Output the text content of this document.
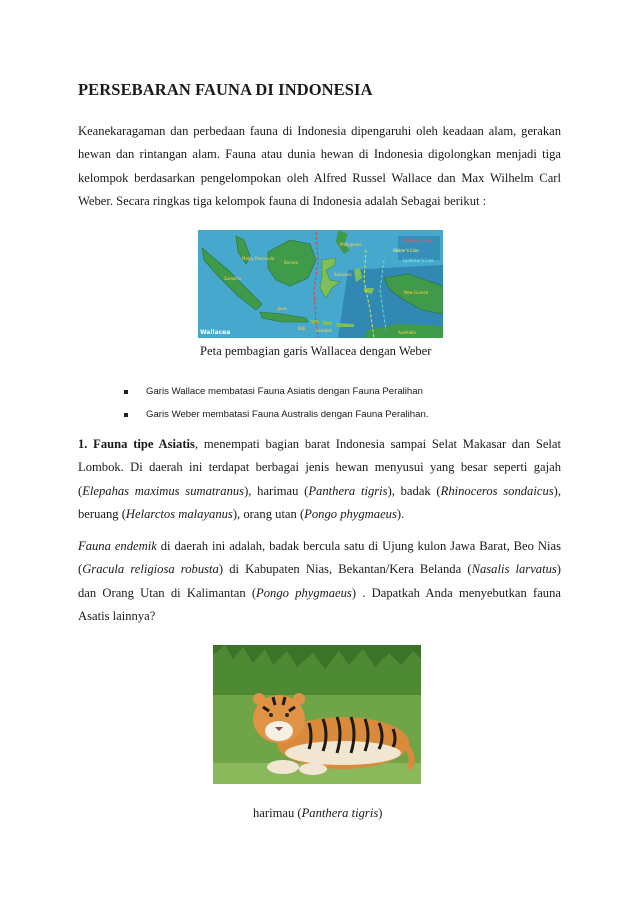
PERSEBARAN FAUNA DI INDONESIA
Keanekaragaman dan perbedaan fauna di Indonesia dipengaruhi oleh keadaan alam, gerakan
hewan dan rintangan alam. Fauna atau dunia hewan di Indonesia digolongkan menjadi tiga
kelompok berdasarkan pengelompokan oleh Alfred Russel Wallace dan Max Wilhelm Carl
Weber. Secara ringkas tiga kelompok fauna di Indonesia adalah Sebagai berikut :
Wallace's Line
Weber's Line
Lydekker's Line
Sumatra
Malay Peninsula
Borneo
Java
Bali	Lombok
Sulawesi
Philippines
New Guinea
Australia
Wallacea
Peta pembagian garis Wallacea dengan Weber
Garis Wallace membatasi Fauna Asiatis dengan Fauna Peralihan
Garis Weber membatasi Fauna Australis dengan Fauna Peralihan.
1. Fauna tipe Asiatis, menempati bagian barat Indonesia sampai Selat Makasar dan Selat
Lombok. Di daerah ini terdapat berbagai jenis hewan menyusui yang besar seperti gajah
(Elepahas maximus sumatranus), harimau (Panthera tigris), badak (Rhinoceros sondaicus),
beruang (Helarctos malayanus), orang utan (Pongo phygmaeus).
Fauna endemik di daerah ini adalah, badak bercula satu di Ujung kulon Jawa Barat, Beo Nias
(Gracula religiosa robusta) di Kabupaten Nias, Bekantan/Kera Belanda (Nasalis larvatus)
dan Orang Utan di Kalimantan (Pongo phygmaeus) . Dapatkah Anda menyebutkan fauna
Asatis lainnya?
harimau (Panthera tigris)
